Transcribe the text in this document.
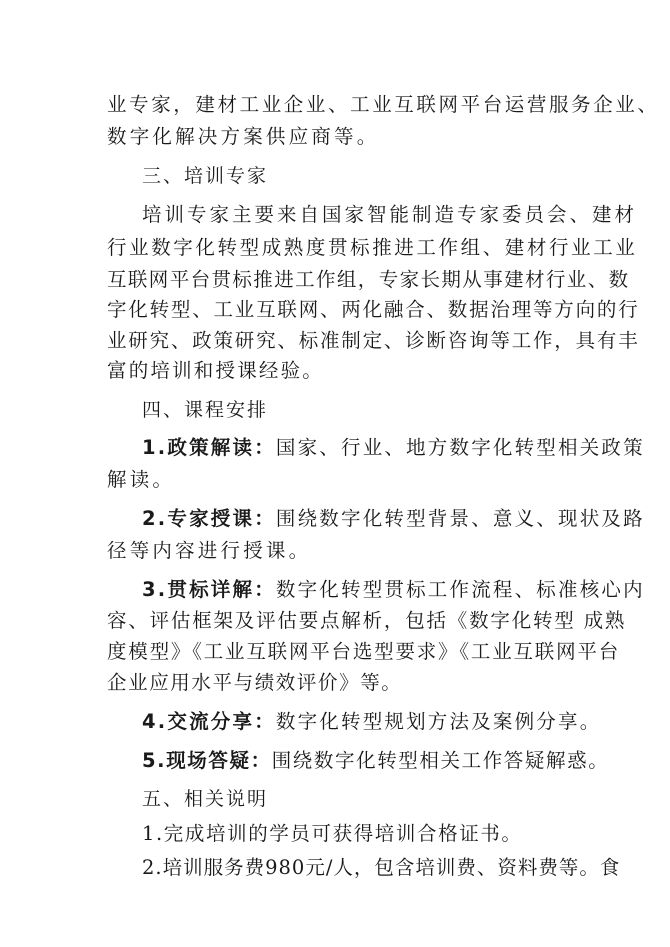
业专家，建材工业企业、工业互联网平台运营服务企业、
数字化解决方案供应商等。
三、培训专家
培训专家主要来自国家智能制造专家委员会、建材
行业数字化转型成熟度贯标推进工作组、建材行业工业
互联网平台贯标推进工作组，专家长期从事建材行业、数
字化转型、工业互联网、两化融合、数据治理等方向的行
业研究、政策研究、标准制定、诊断咨询等工作，具有丰
富的培训和授课经验。
四、课程安排
1.政策解读：国家、行业、地方数字化转型相关政策
解读。
2.专家授课：围绕数字化转型背景、意义、现状及路
径等内容进行授课。
3.贯标详解：数字化转型贯标工作流程、标准核心内
容、评估框架及评估要点解析，包括《数字化转型 成熟
度模型》《工业互联网平台选型要求》《工业互联网平台
企业应用水平与绩效评价》等。
4.交流分享：数字化转型规划方法及案例分享。
5.现场答疑：围绕数字化转型相关工作答疑解惑。
五、相关说明
1.完成培训的学员可获得培训合格证书。
2.培训服务费980元/人，包含培训费、资料费等。食
